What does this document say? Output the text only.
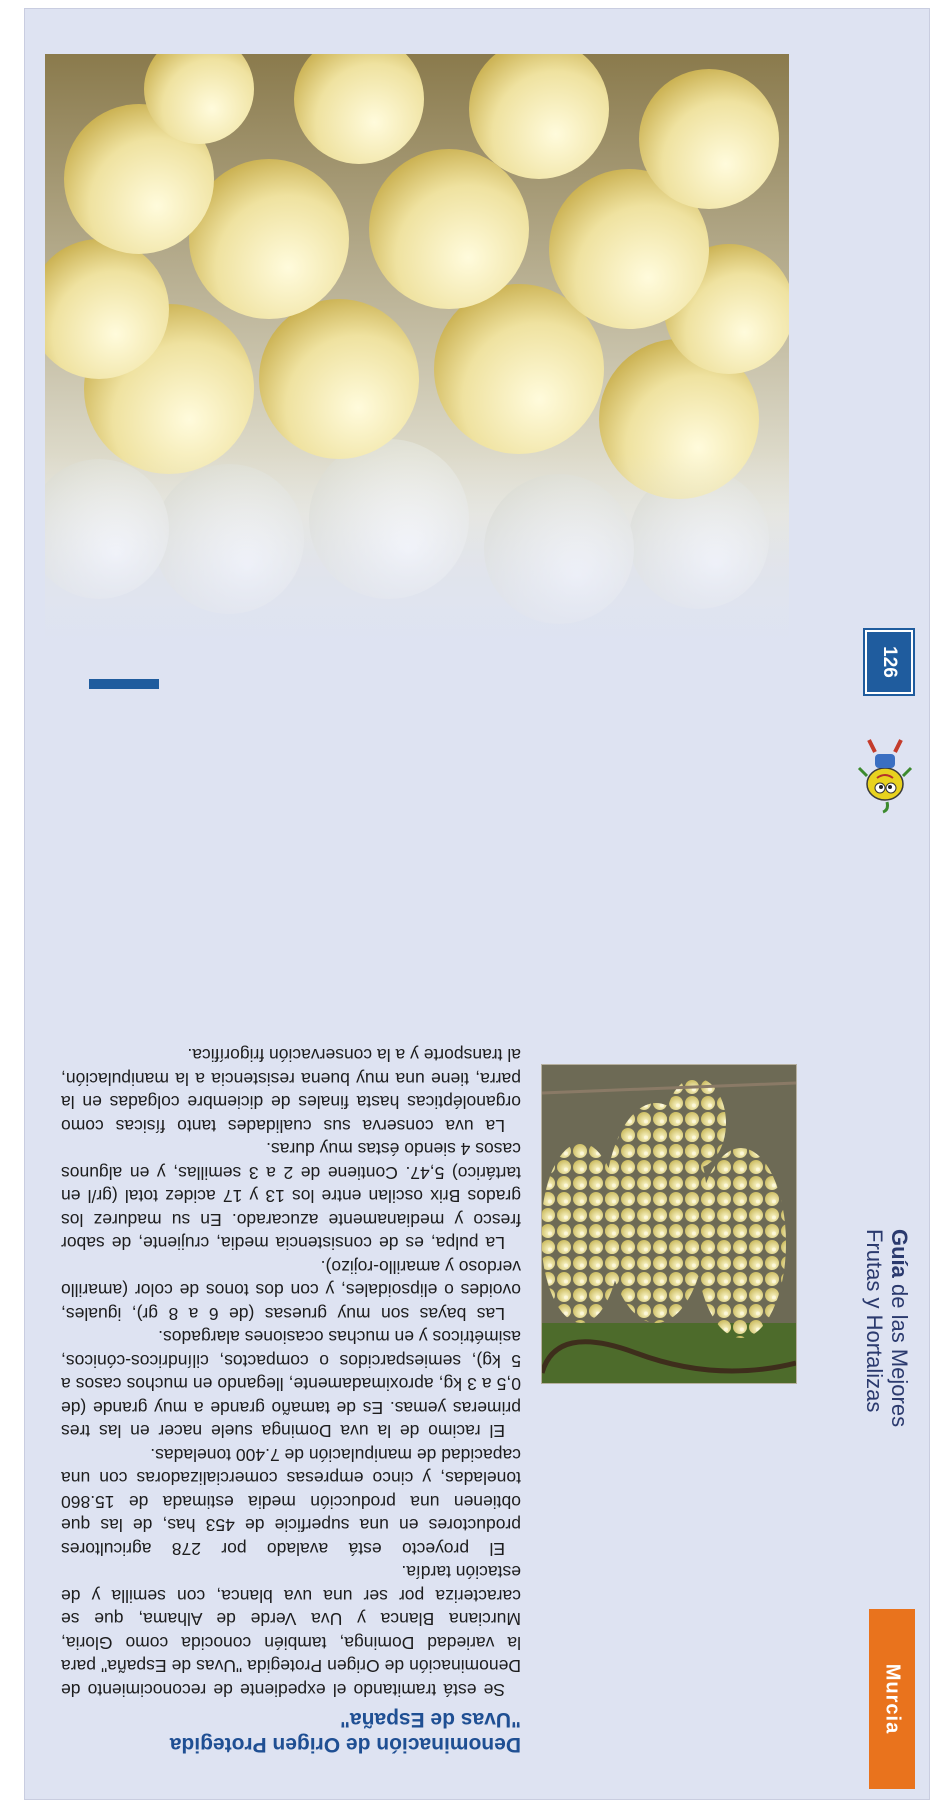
Murcia
Guía de las Mejores
Frutas y Hortalizas
126
Denominación de Origen Protegida
"Uvas de España"

Se está tramitando el expediente de reconocimiento de Denominación de Origen Protegida "Uvas de España" para la variedad Dominga, también conocida como Gloria, Murciana Blanca y Uva Verde de Alhama, que se caracteriza por ser una uva blanca, con semilla y de estación tardía.

El proyecto está avalado por 278 agricultores productores en una superficie de 453 has, de las que obtienen una producción media estimada de 15.860 toneladas, y cinco empresas comercializadoras con una capacidad de manipulación de 7.400 toneladas.

El racimo de la uva Dominga suele nacer en las tres primeras yemas. Es de tamaño grande a muy grande (de 0,5 a 3 kg, aproximadamente, llegando en muchos casos a 5 kg), semiesparcidos o compactos, cilíndricos-cónicos, asimétricos y en muchas ocasiones alargados.

Las bayas son muy gruesas (de 6 a 8 gr), iguales, ovoides o elipsoidales, y con dos tonos de color (amarillo verdoso y amarillo-rojizo).

La pulpa, es de consistencia media, crujiente, de sabor fresco y medianamente azucarado. En su madurez los grados Brix oscilan entre los 13 y 17 acidez total (gr/l en tartárico) 5,47. Contiene de 2 a 3 semillas, y en algunos casos 4 siendo éstas muy duras.

La uva conserva sus cualidades tanto físicas como organolépticas hasta finales de diciembre colgadas en la parra, tiene una muy buena resistencia a la manipulación, al transporte y a la conservación frigorífica.
